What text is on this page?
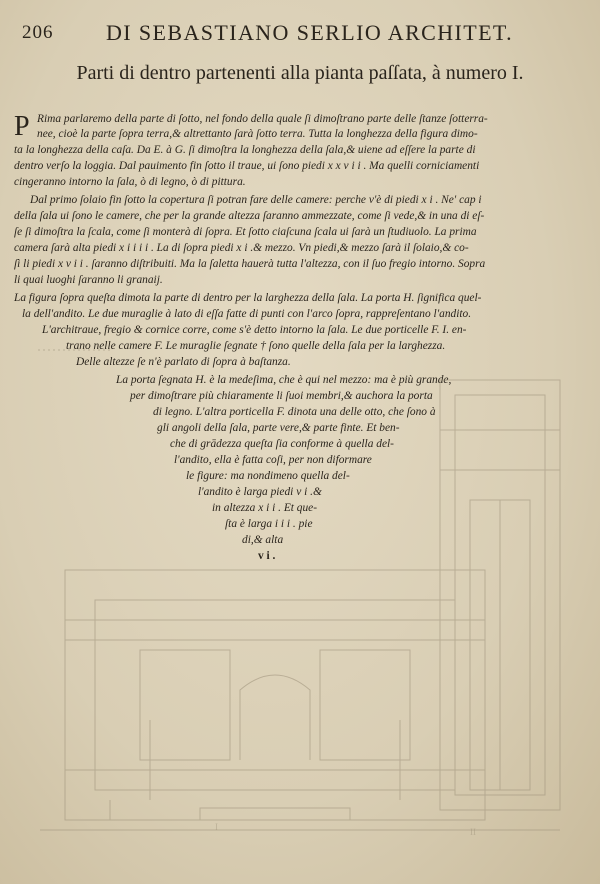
206 DI SEBASTIANO SERLIO ARCHITET.
Parti di dentro partenenti alla pianta paſſata, à numero I.
P Rima parlaremo della parte di ſotto, nel fondo della quale ſi dimoſtrano parte delle ſtanze ſotterra-
nee, cioè la parte ſopra terra,& altrettanto ſarà ſotto terra. Tutta la longhezza della figura dimo-
ta la longhezza della caſa. Da E. à G. ſi dimoſtra la longhezza della ſala,& uiene ad eſſere la parte di
dentro verſo la loggia. Dal pauimento fin ſotto il traue, ui ſono piedi x x v i i . Ma quelli corniciamenti
cingeranno intorno la ſala, ò di legno, ò di pittura.
Dal primo ſolaio fin ſotto la copertura ſi potran fare delle camere: perche v'è di piedi x i . Ne' cap i
della ſala ui ſono le camere, che per la grande altezza ſaranno ammezzate, come ſi vede,& in una di eſ-
ſe ſi dimoſtra la ſcala, come ſi monterà di ſopra. Et ſotto ciaſcuna ſcala ui ſarà un ſtudiuolo. La prima
camera ſarà alta piedi x i i i i . La di ſopra piedi x i .& mezzo. Vn piedi,& mezzo ſarà il ſolaio,& co-
ſì li piedi x v i i . ſaranno diſtribuiti. Ma la ſaletta hauerà tutta l'altezza, con il ſuo fregio intorno. Sopra
li quai luoghi ſaranno li granaij.
La figura ſopra queſta dimota la parte di dentro per la larghezza della ſala. La porta H. ſignifica quel-
la dell'andito. Le due muraglie à lato di eſſa fatte di punti con l'arco ſopra, rappreſentano l'andito.
L'architraue, fregio & cornice corre, come s'è detto intorno la ſala. Le due porticelle F. I. en-
trano nelle camere F. Le muraglie ſegnate † ſono quelle della ſala per la larghezza.
Delle altezze ſe n'è parlato di ſopra à baſtanza.
La porta ſegnata H. è la medeſima, che è qui nel mezzo: ma è più grande,
per dimoſtrare più chiaramente li ſuoi membri,& auchora la porta
di legno. L'altra porticella F. dinota una delle otto, che ſono à
gli angoli della ſala, parte vere,& parte finte. Et ben-
che di grādezza queſta ſia conforme à quella del-
l'andito, ella è fatta coſi, per non diformare
le figure: ma nondimeno quella del-
l'andito è larga piedi v i .&
in altezza x i i . Et que-
ſta è larga i i i . pie
di,& alta
v i .
I	II
